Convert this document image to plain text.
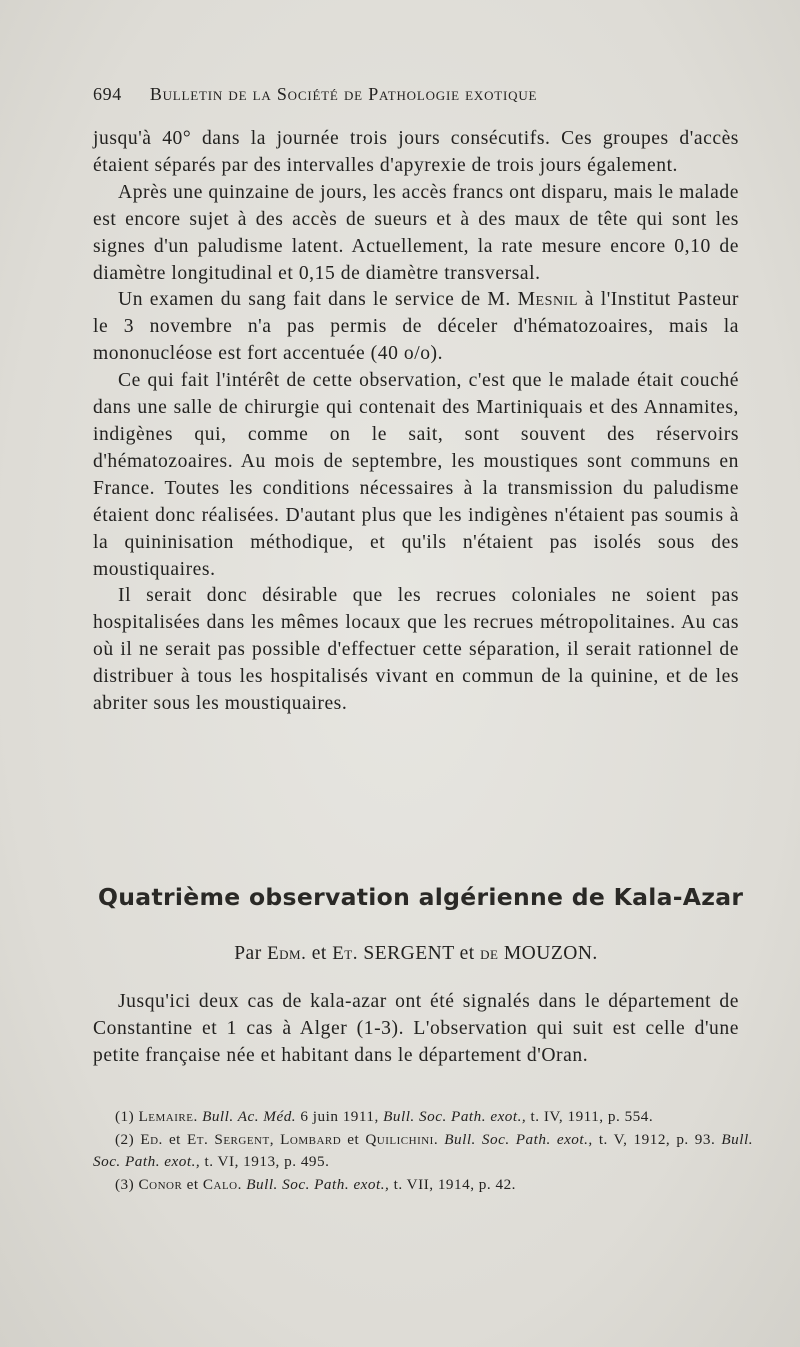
694 Bulletin de la Société de Pathologie exotique

jusqu'à 40° dans la journée trois jours consécutifs. Ces groupes d'accès étaient séparés par des intervalles d'apyrexie de trois jours également.

Après une quinzaine de jours, les accès francs ont disparu, mais le malade est encore sujet à des accès de sueurs et à des maux de tête qui sont les signes d'un paludisme latent. Actuellement, la rate mesure encore 0,10 de diamètre longitudinal et 0,15 de diamètre transversal.

Un examen du sang fait dans le service de M. Mesnil à l'Institut Pasteur le 3 novembre n'a pas permis de déceler d'hématozoaires, mais la mononucléose est fort accentuée (40 o/o).

Ce qui fait l'intérêt de cette observation, c'est que le malade était couché dans une salle de chirurgie qui contenait des Martiniquais et des Annamites, indigènes qui, comme on le sait, sont souvent des réservoirs d'hématozoaires. Au mois de septembre, les moustiques sont communs en France. Toutes les conditions nécessaires à la transmission du paludisme étaient donc réalisées. D'autant plus que les indigènes n'étaient pas soumis à la quininisation méthodique, et qu'ils n'étaient pas isolés sous des moustiquaires.

Il serait donc désirable que les recrues coloniales ne soient pas hospitalisées dans les mêmes locaux que les recrues métropolitaines. Au cas où il ne serait pas possible d'effectuer cette séparation, il serait rationnel de distribuer à tous les hospitalisés vivant en commun de la quinine, et de les abriter sous les moustiquaires.

Quatrième observation algérienne de Kala-Azar
Par Edm. et Et. SERGENT et de MOUZON.

Jusqu'ici deux cas de kala-azar ont été signalés dans le département de Constantine et 1 cas à Alger (1-3). L'observation qui suit est celle d'une petite française née et habitant dans le département d'Oran.

(1) Lemaire. Bull. Ac. Méd. 6 juin 1911, Bull. Soc. Path. exot., t. IV, 1911, p. 554.

(2) Ed. et Et. Sergent, Lombard et Quilichini. Bull. Soc. Path. exot., t. V, 1912, p. 93. Bull. Soc. Path. exot., t. VI, 1913, p. 495.

(3) Conor et Calo. Bull. Soc. Path. exot., t. VII, 1914, p. 42.
